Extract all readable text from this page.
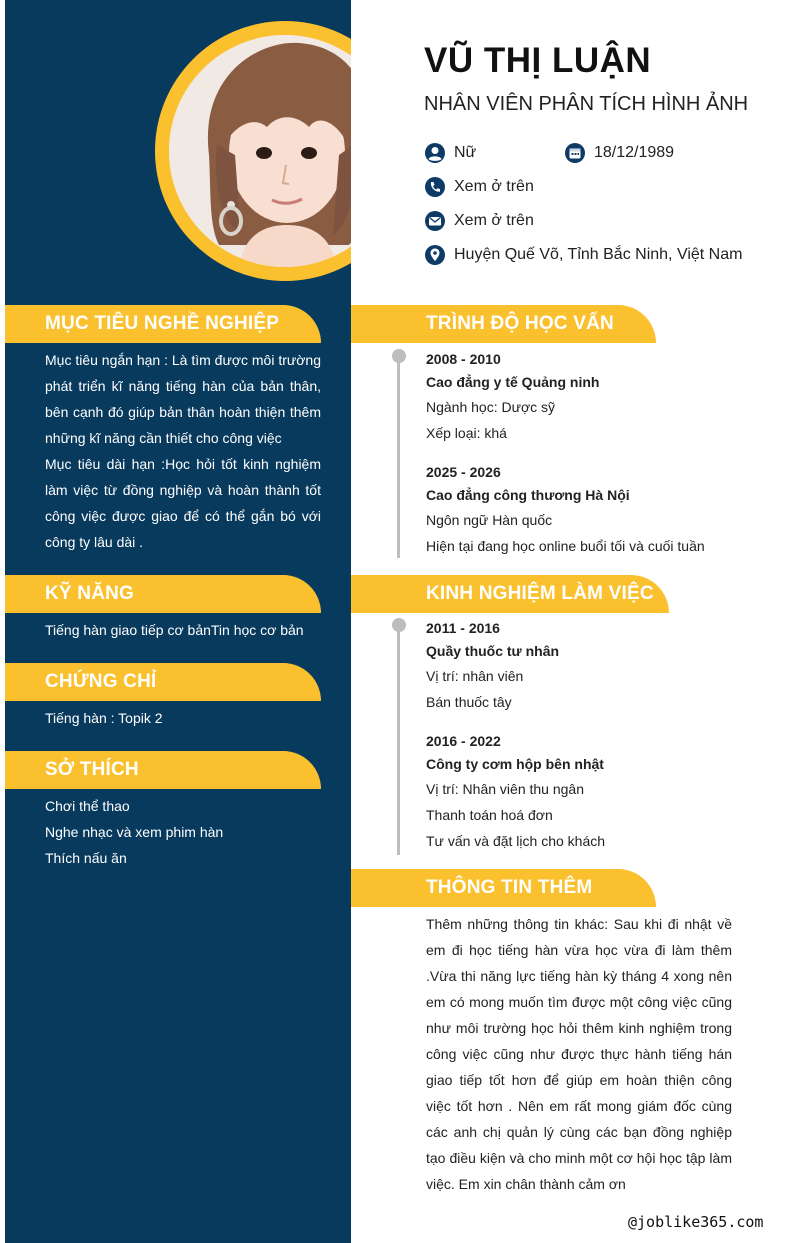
VŨ THỊ LUẬN
NHÂN VIÊN PHÂN TÍCH HÌNH ẢNH
Nữ	18/12/1989
Xem ở trên
Xem ở trên
Huyện Quế Võ, Tỉnh Bắc Ninh, Việt Nam
MỤC TIÊU NGHỀ NGHIỆP
Mục tiêu ngắn hạn : Là tìm được môi trường phát triển kĩ năng tiếng hàn của bản thân, bên cạnh đó giúp bản thân hoàn thiện thêm những kĩ năng cần thiết cho công việc
Mục tiêu dài hạn :Học hỏi tốt kinh nghiệm làm việc từ đồng nghiệp và hoàn thành tốt công việc được giao để có thể gắn bó với công ty lâu dài .
KỸ NĂNG
Tiếng hàn giao tiếp cơ bảnTin học cơ bản
CHỨNG CHỈ
Tiếng hàn : Topik 2
SỞ THÍCH
Chơi thể thao
Nghe nhạc và xem phim hàn
Thích nấu ăn
TRÌNH ĐỘ HỌC VẤN
2008 - 2010
Cao đẳng y tế Quảng ninh
Ngành học: Dược sỹ
Xếp loại: khá
2025 - 2026
Cao đẳng công thương Hà Nội
Ngôn ngữ Hàn quốc
Hiện tại đang học online buổi tối và cuối tuần
KINH NGHIỆM LÀM VIỆC
2011 - 2016
Quầy thuốc tư nhân
Vị trí: nhân viên
Bán thuốc tây
2016 - 2022
Công ty cơm hộp bên nhật
Vị trí: Nhân viên thu ngân
Thanh toán hoá đơn
Tư vấn và đặt lịch cho khách
THÔNG TIN THÊM
Thêm những thông tin khác: Sau khi đi nhật về em đi học tiếng hàn vừa học vừa đi làm thêm .Vừa thi năng lực tiếng hàn kỳ tháng 4 xong nên em có mong muốn tìm được một công việc cũng như môi trường học hỏi thêm kinh nghiệm trong công việc cũng như được thực hành tiếng hán giao tiếp tốt hơn để giúp em hoàn thiện công việc tốt hơn . Nên em rất mong giám đốc cùng các anh chị quản lý cùng các bạn đồng nghiệp tạo điều kiện và cho minh một cơ hội học tập làm việc. Em xin chân thành cảm ơn
@joblike365.com
